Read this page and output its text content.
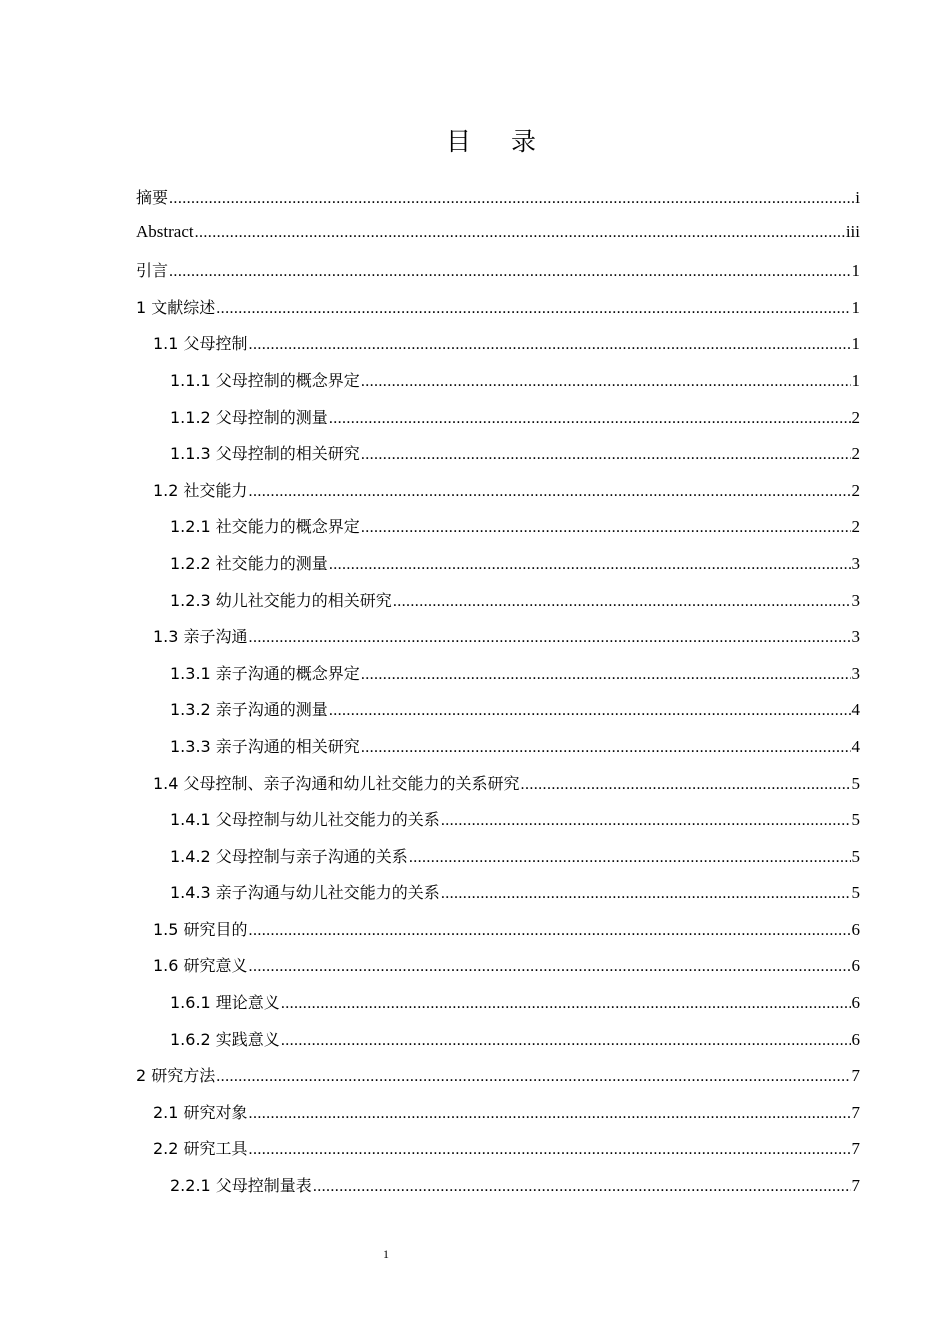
目 录
摘要 .....	i
Abstract .....	iii
引言 .....	1
1 文献综述 .....	1
1.1 父母控制 .....	1
1.1.1 父母控制的概念界定 .....	1
1.1.2 父母控制的测量 .....	2
1.1.3 父母控制的相关研究 .....	2
1.2 社交能力 .....	2
1.2.1 社交能力的概念界定 .....	2
1.2.2 社交能力的测量 .....	3
1.2.3 幼儿社交能力的相关研究 .....	3
1.3 亲子沟通 .....	3
1.3.1 亲子沟通的概念界定 .....	3
1.3.2 亲子沟通的测量 .....	4
1.3.3 亲子沟通的相关研究 .....	4
1.4 父母控制、亲子沟通和幼儿社交能力的关系研究 .....	5
1.4.1 父母控制与幼儿社交能力的关系 .....	5
1.4.2 父母控制与亲子沟通的关系 .....	5
1.4.3 亲子沟通与幼儿社交能力的关系 .....	5
1.5 研究目的 .....	6
1.6 研究意义 .....	6
1.6.1 理论意义 .....	6
1.6.2 实践意义 .....	6
2 研究方法 .....	7
2.1 研究对象 .....	7
2.2 研究工具 .....	7
2.2.1 父母控制量表 .....	7
1
